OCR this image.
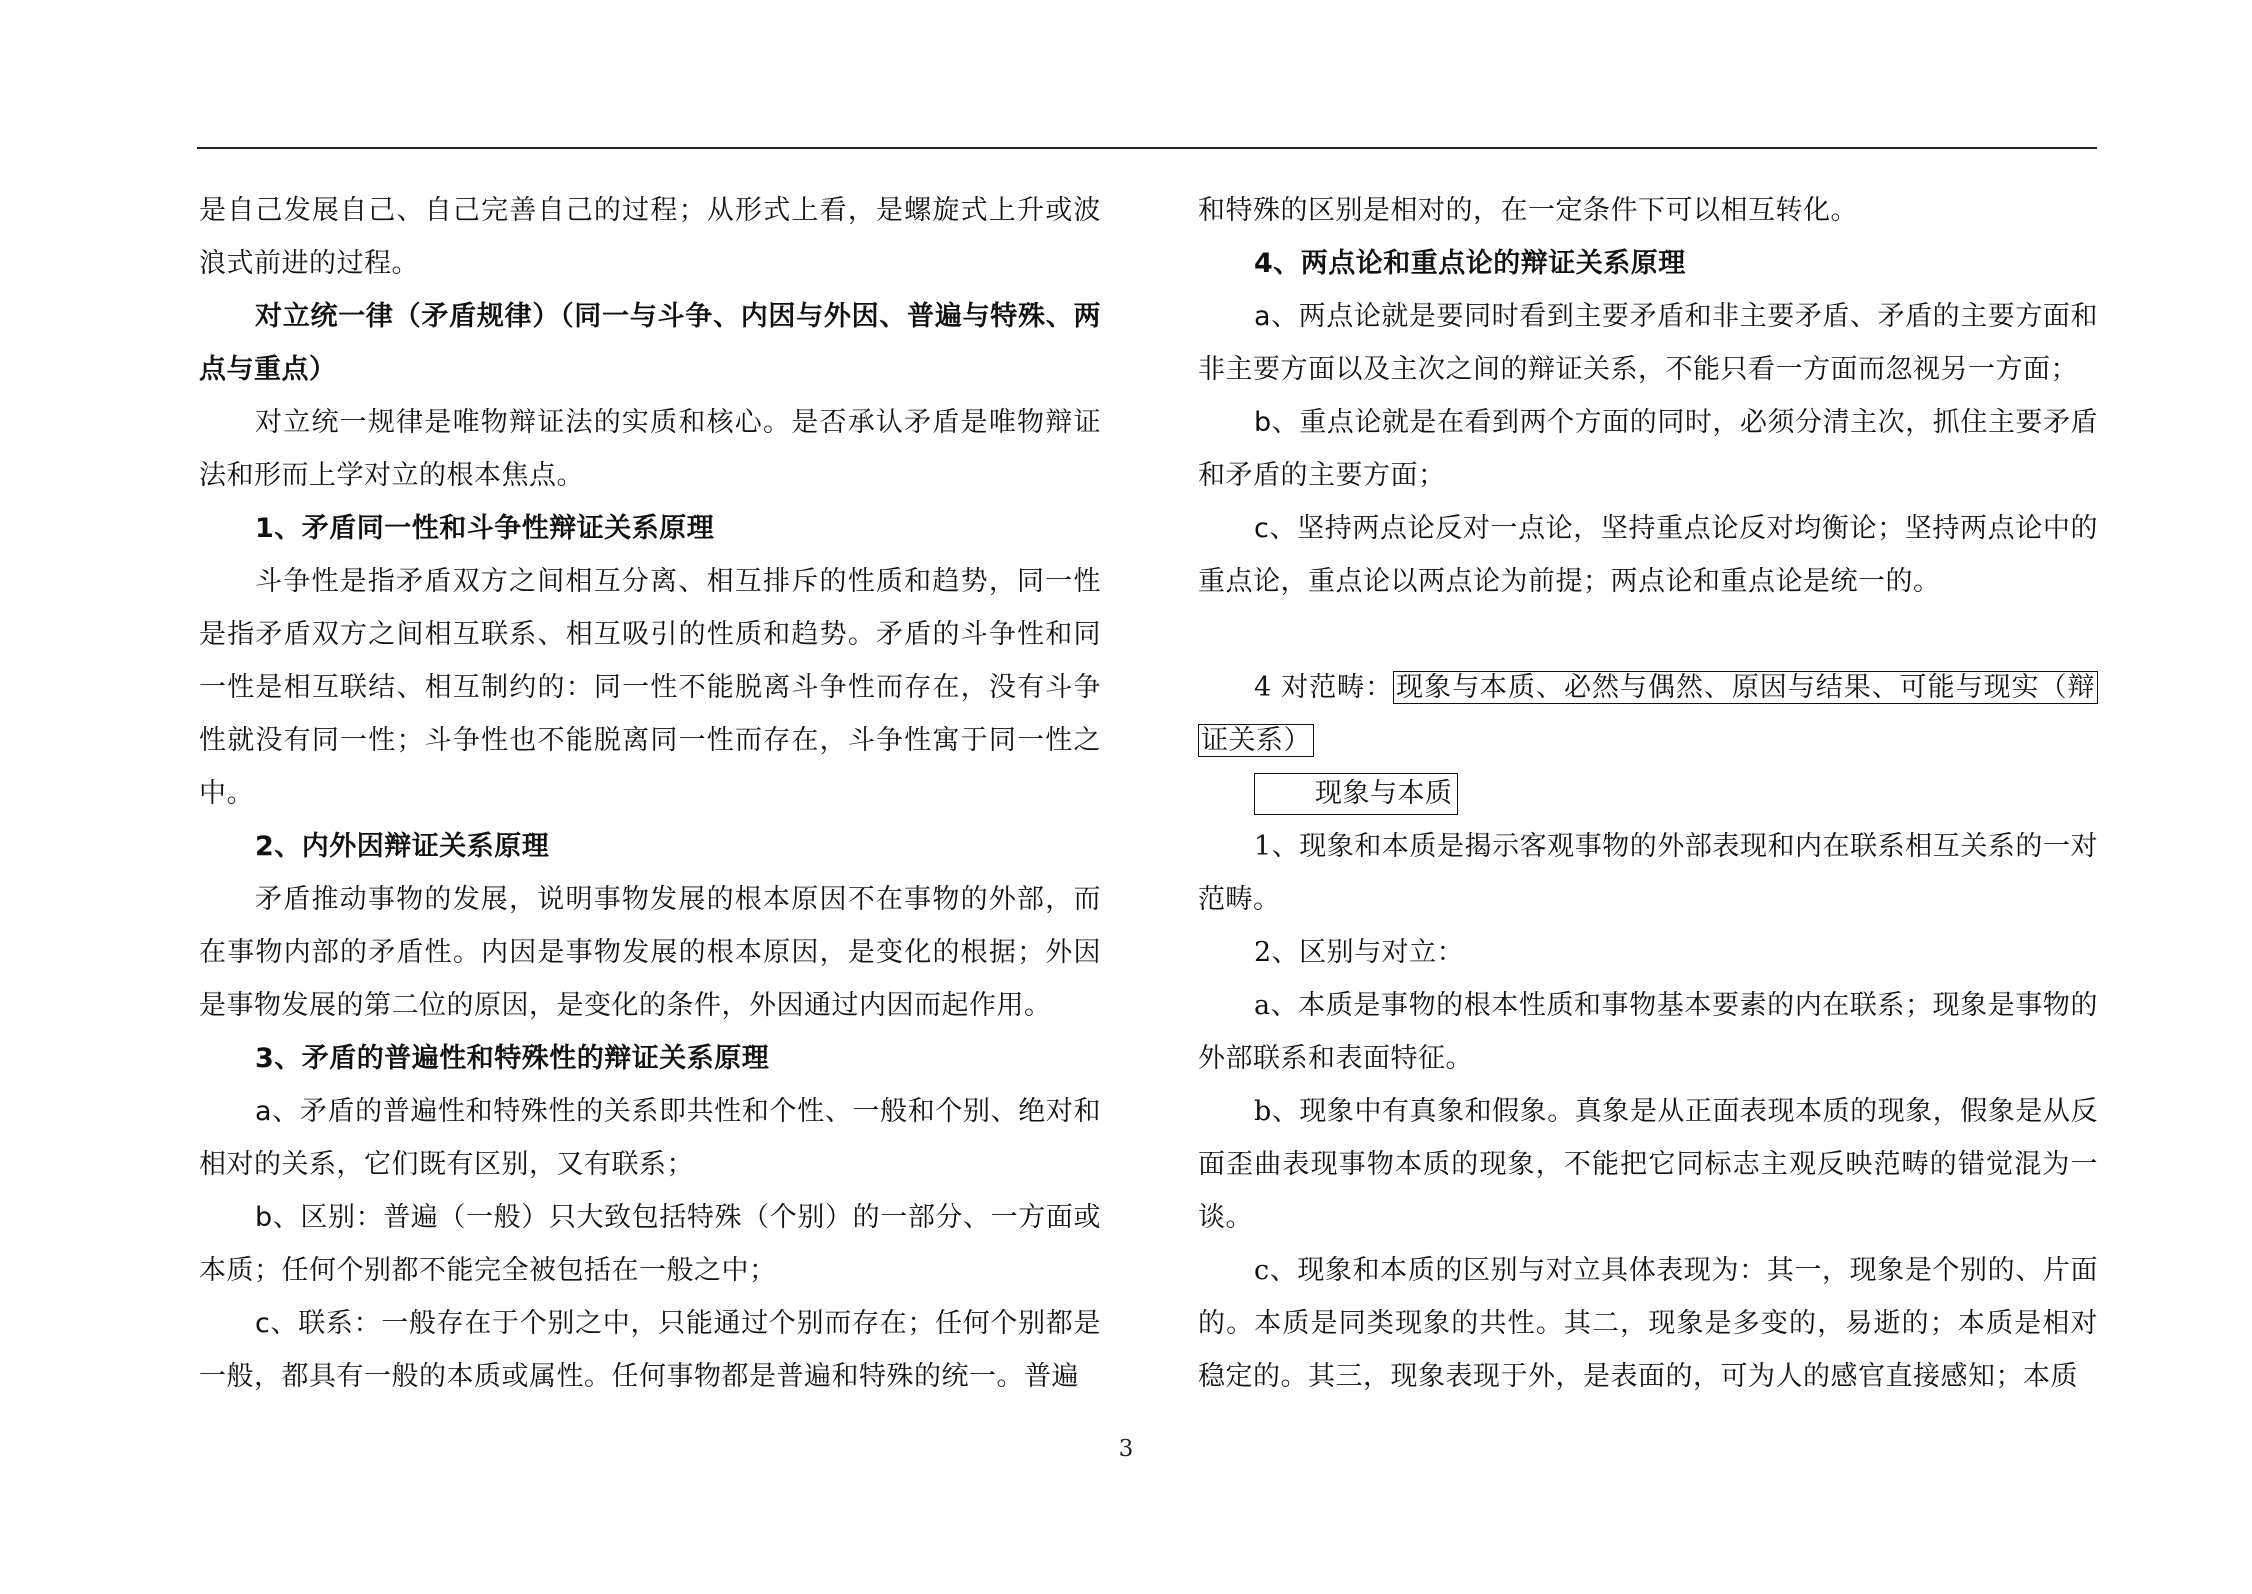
是自己发展自己、自己完善自己的过程；从形式上看，是螺旋式上升或波浪式前进的过程。

对立统一律（矛盾规律）（同一与斗争、内因与外因、普遍与特殊、两点与重点）

对立统一规律是唯物辩证法的实质和核心。是否承认矛盾是唯物辩证法和形而上学对立的根本焦点。

1、矛盾同一性和斗争性辩证关系原理

斗争性是指矛盾双方之间相互分离、相互排斥的性质和趋势，同一性是指矛盾双方之间相互联系、相互吸引的性质和趋势。矛盾的斗争性和同一性是相互联结、相互制约的：同一性不能脱离斗争性而存在，没有斗争性就没有同一性；斗争性也不能脱离同一性而存在，斗争性寓于同一性之中。

2、内外因辩证关系原理

矛盾推动事物的发展，说明事物发展的根本原因不在事物的外部，而在事物内部的矛盾性。内因是事物发展的根本原因，是变化的根据；外因是事物发展的第二位的原因，是变化的条件，外因通过内因而起作用。

3、矛盾的普遍性和特殊性的辩证关系原理

a、矛盾的普遍性和特殊性的关系即共性和个性、一般和个别、绝对和相对的关系，它们既有区别，又有联系；

b、区别：普遍（一般）只大致包括特殊（个别）的一部分、一方面或本质；任何个别都不能完全被包括在一般之中；

c、联系：一般存在于个别之中，只能通过个别而存在；任何个别都是一般，都具有一般的本质或属性。任何事物都是普遍和特殊的统一。普遍

和特殊的区别是相对的，在一定条件下可以相互转化。

4、两点论和重点论的辩证关系原理

a、两点论就是要同时看到主要矛盾和非主要矛盾、矛盾的主要方面和非主要方面以及主次之间的辩证关系，不能只看一方面而忽视另一方面；

b、重点论就是在看到两个方面的同时，必须分清主次，抓住主要矛盾和矛盾的主要方面；

c、坚持两点论反对一点论，坚持重点论反对均衡论；坚持两点论中的重点论，重点论以两点论为前提；两点论和重点论是统一的。

4 对范畴： 现象与本质、必然与偶然、原因与结果、可能与现实（辩证关系）

现象与本质

1、现象和本质是揭示客观事物的外部表现和内在联系相互关系的一对范畴。

2、区别与对立：

a、本质是事物的根本性质和事物基本要素的内在联系；现象是事物的外部联系和表面特征。

b、现象中有真象和假象。真象是从正面表现本质的现象，假象是从反面歪曲表现事物本质的现象，不能把它同标志主观反映范畴的错觉混为一谈。

c、现象和本质的区别与对立具体表现为：其一，现象是个别的、片面的。本质是同类现象的共性。其二，现象是多变的，易逝的；本质是相对稳定的。其三，现象表现于外，是表面的，可为人的感官直接感知；本质

3
